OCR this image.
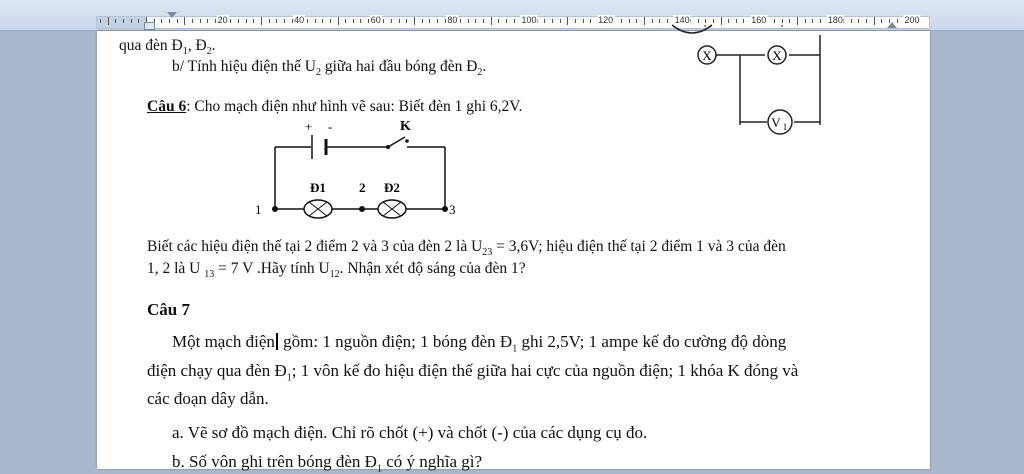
20	40	60	80	100	120	140	160	180	200
X	X
V 1
qua đèn $Đ_1$, $Đ_2$.
b/ Tính hiệu điện thế $U_2$ giữa hai đầu bóng đèn $Đ_2$.
Câu 6: Cho mạch điện như hình vẽ sau: Biết đèn 1 ghi 6,2V.
+ -	K
Đ1	Đ2
1
2
3
Biết các hiệu điện thế tại 2 điểm 2 và 3 của đèn 2 là $U_{23} = 3,6V$; hiệu điện thế tại 2 điểm 1 và 3 của đèn
1, 2 là U $_{13}$ = 7 V .Hãy tính $U_{12}$. Nhận xét độ sáng của đèn 1?
Câu 7
Một mạch điện gồm: 1 nguồn điện; 1 bóng đèn $Đ_1$ ghi 2,5V; 1 ampe kế đo cường độ dòng
điện chạy qua đèn $Đ_1$; 1 vôn kế đo hiệu điện thế giữa hai cực của nguồn điện; 1 khóa K đóng và
các đoạn dây dẫn.
a. Vẽ sơ đồ mạch điện. Chỉ rõ chốt (+) và chốt (-) của các dụng cụ đo.
b. Số vôn ghi trên bóng đèn $Đ_1$ có ý nghĩa gì?
